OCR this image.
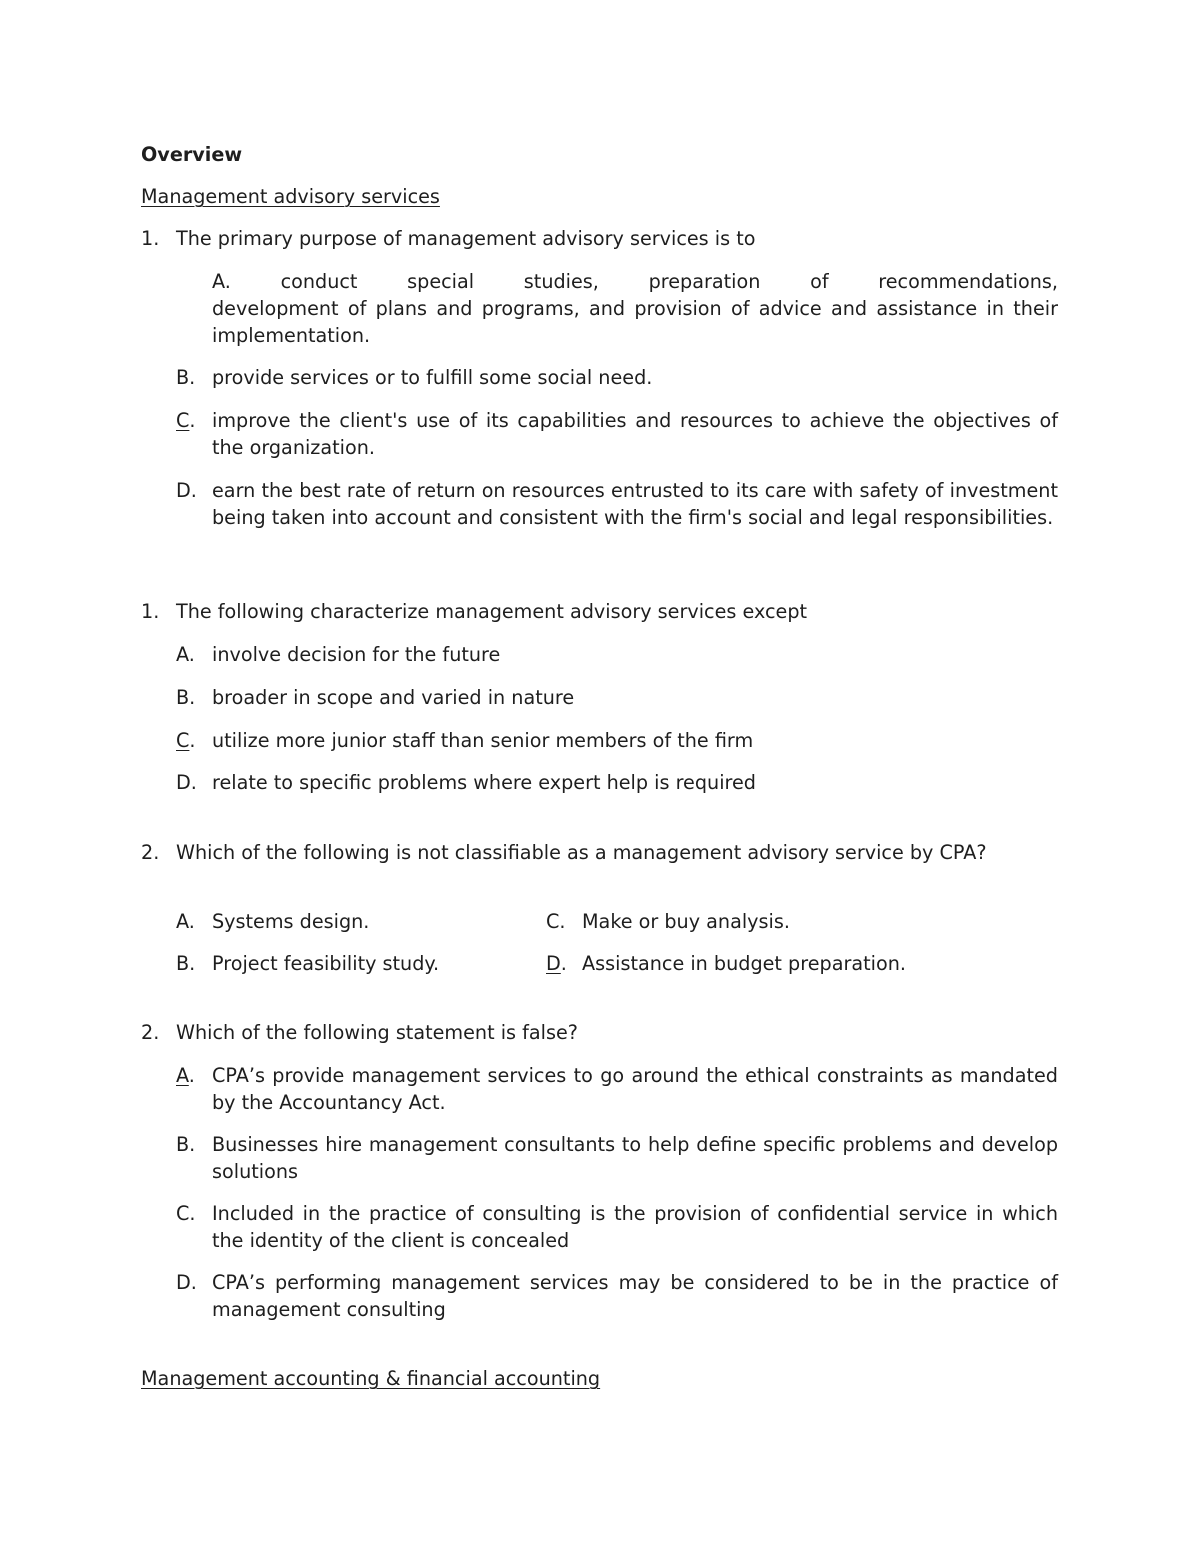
Overview
Management advisory services
1. The primary purpose of management advisory services is to
A.	conduct special studies, preparation of recommendations,
development of plans and programs, and provision of advice and assistance in their implementation.
B. provide services or to fulfill some social need.
C. improve the client's use of its capabilities and resources to achieve the objectives of the organization.
D. earn the best rate of return on resources entrusted to its care with safety of investment being taken into account and consistent with the firm's social and legal responsibilities.
1. The following characterize management advisory services except
A. involve decision for the future
B. broader in scope and varied in nature
C. utilize more junior staff than senior members of the firm
D. relate to specific problems where expert help is required
2. Which of the following is not classifiable as a management advisory service by CPA?
A. Systems design.
B. Project feasibility study.
C. Make or buy analysis.
D. Assistance in budget preparation.
2. Which of the following statement is false?
A. CPA’s provide management services to go around the ethical constraints as mandated by the Accountancy Act.
B. Businesses hire management consultants to help define specific problems and develop solutions
C. Included in the practice of consulting is the provision of confidential service in which the identity of the client is concealed
D. CPA’s performing management services may be considered to be in the practice of management consulting
Management accounting & financial accounting
